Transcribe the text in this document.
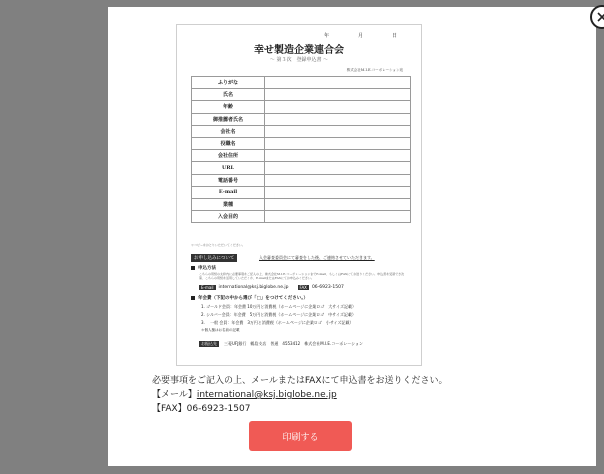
年　月　日
幸せ製造企業連合会
〜 第３次　登録申込書 〜
株式会社M.I.E.コーポレーション宛
ふりがな	
氏名	
年齢	
御推薦者氏名	
会社名	
役職名	
会社住所	
URL	
電話番号	
E-mail	
業種	
入会目的	
＊コピーをおとりいただいてください。
お申し込みについて	入会審査委員会にて審査をした後、ご連絡させていただきます。
申込方法
こちらの用紙の太枠内に必要事項をご記入の上、株式会社M.I.E.コーポレーションまでE-mail、もしくはFAXにてお送りください。申込書を受領でき次第、こちらの用紙を活用していただくか、E-mailまたはFAXにてお申込みください。
E-mail	international@ksj.biglobe.ne.jp	FAX	06-6923-1507
年会費（下記の中から選び「□」をつけてください。）
1. ゴールド会員：年会費 10万円と消費税（ホームページに企業ロゴ　大サイズ記載）
2. シルバー会員：年会費　5万円と消費税（ホームページに企業ロゴ　中サイズ記載）
3. 　一般 会員：年会費　3万円と消費税（ホームページに企業ロゴ　小サイズ記載）
＊個人様はお名前の記載
お振込先	三菱UFJ銀行　鶴島支店　普通　4553412　株式会社M.I.E.コーポレーション
必要事項をご記入の上、メールまたはFAXにて申込書をお送りください。
【メール】international@ksj.biglobe.ne.jp
【FAX】06-6923-1507
印刷する
